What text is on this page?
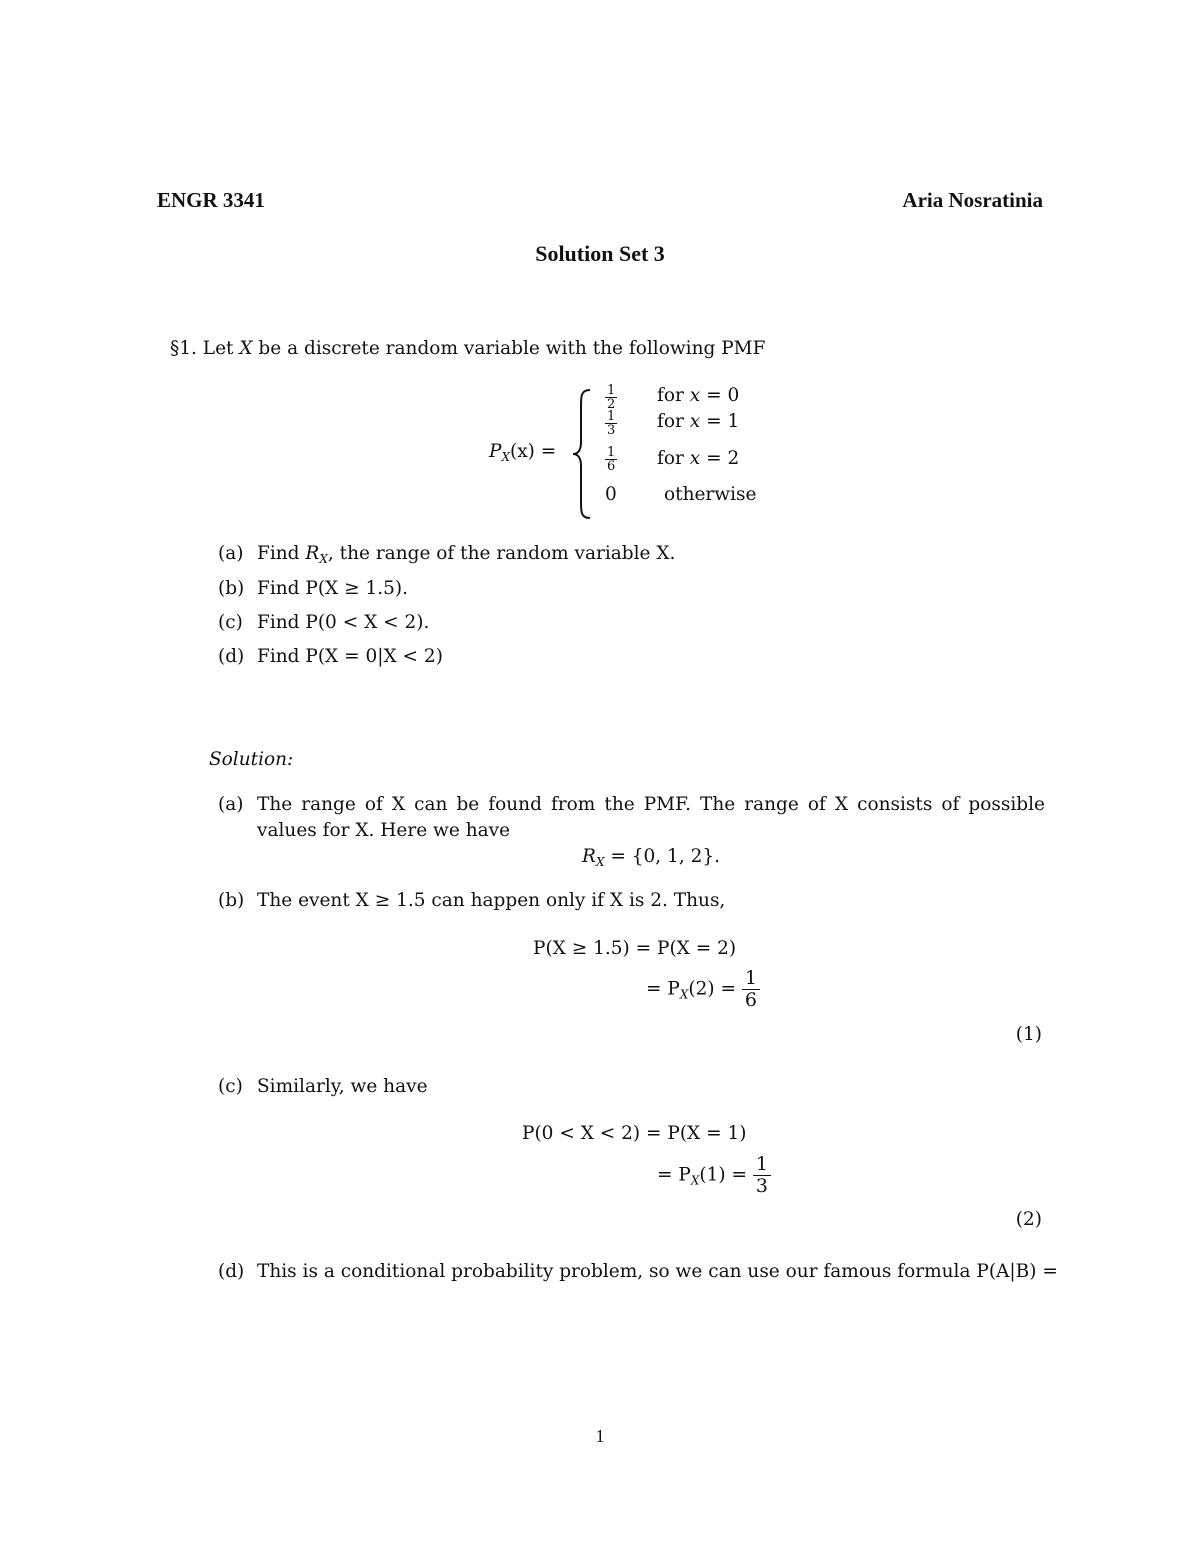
ENGR 3341	Aria Nosratinia
Solution Set 3
§1. Let X be a discrete random variable with the following PMF
$P_X(x)$ =
$\frac{1}{2}$ for x = 0
$\frac{1}{3}$ for x = 1
$\frac{1}{6}$ for x = 2
0	otherwise
(a) Find $R_X$, the range of the random variable X.
(b) Find P(X ≥ 1.5).
(c) Find P(0 < X < 2).
(d) Find P(X = 0|X < 2)
Solution:
(a) The range of X can be found from the PMF. The range of X consists of possible
values for X. Here we have
$R_X = \{0$, 1, 2}.
(b) The event X ≥ 1.5 can happen only if X is 2. Thus,
P(X ≥ 1.5) = P(X = 2)
= $P_X(2) = \frac{1}{6}$
(1)
(c) Similarly, we have
P(0 < X < 2) = P(X = 1)
= $P_X(1) = \frac{1}{3}$
(2)
(d) This is a conditional probability problem, so we can use our famous formula P(A|B) =
1
